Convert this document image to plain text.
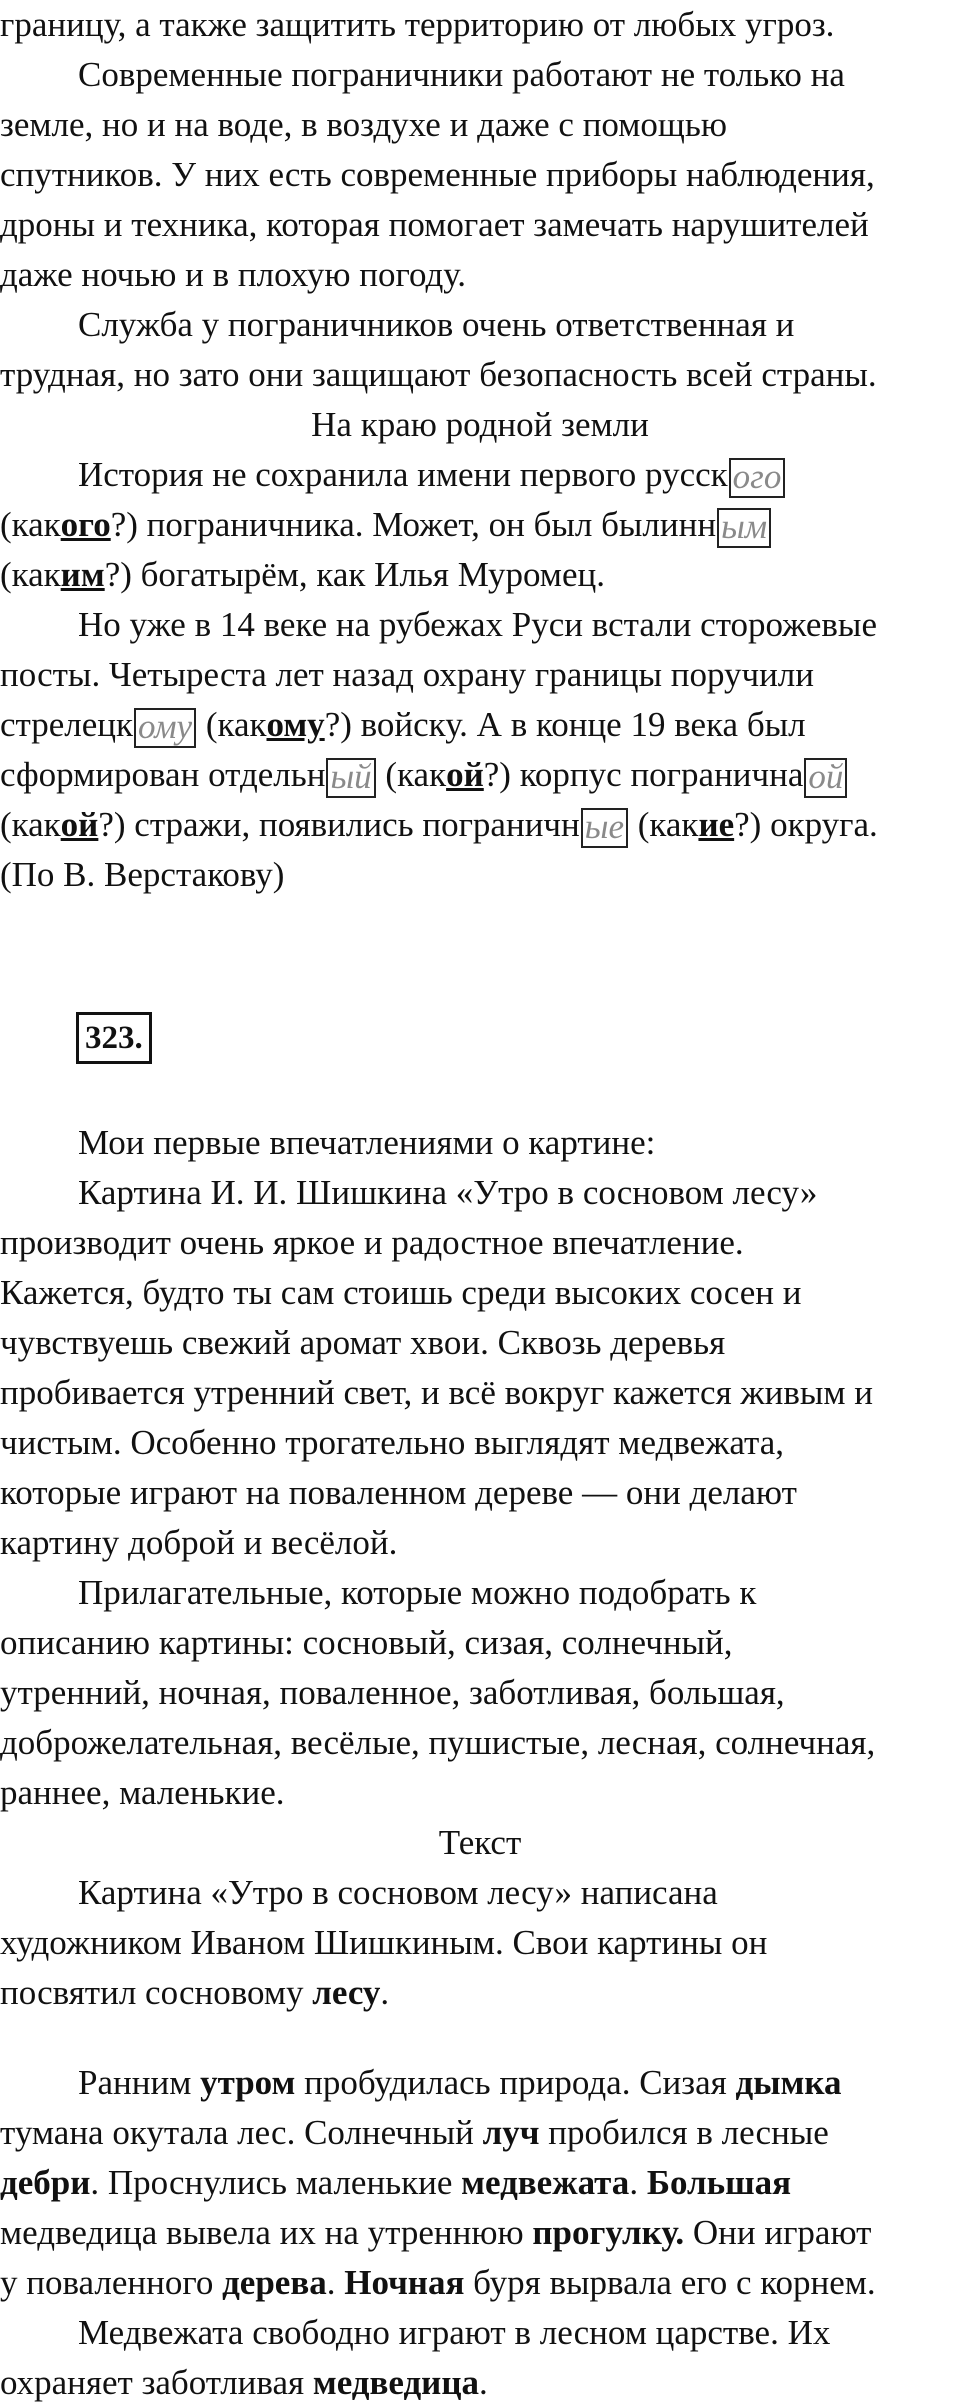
границу, а также защитить территорию от любых угроз.
Современные пограничники работают не только на
земле, но и на воде, в воздухе и даже с помощью
спутников. У них есть современные приборы наблюдения,
дроны и техника, которая помогает замечать нарушителей
даже ночью и в плохую погоду.
Служба у пограничников очень ответственная и
трудная, но зато они защищают безопасность всей страны.
На краю родной земли
История не сохранила имени первого русск ого
(какого?) пограничника. Может, он был былинн ым
(каким?) богатырём, как Илья Муромец.
Но уже в 14 веке на рубежах Руси встали сторожевые
посты. Четыреста лет назад охрану границы поручили
стрелецк ому (какому?) войску. А в конце 19 века был
сформирован отдельн ый (какой?) корпус погранична ой
(какой?) стражи, появились пограничн ые (какие?) округа.
(По В. Верстакову)
323.
Мои первые впечатлениями о картине:
Картина И. И. Шишкина «Утро в сосновом лесу»
производит очень яркое и радостное впечатление.
Кажется, будто ты сам стоишь среди высоких сосен и
чувствуешь свежий аромат хвои. Сквозь деревья
пробивается утренний свет, и всё вокруг кажется живым и
чистым. Особенно трогательно выглядят медвежата,
которые играют на поваленном дереве — они делают
картину доброй и весёлой.
Прилагательные, которые можно подобрать к
описанию картины: сосновый, сизая, солнечный,
утренний, ночная, поваленное, заботливая, большая,
доброжелательная, весёлые, пушистые, лесная, солнечная,
раннее, маленькие.
Текст
Картина «Утро в сосновом лесу» написана
художником Иваном Шишкиным. Свои картины он
посвятил сосновому лесу.
Ранним утром пробудилась природа. Сизая дымка
тумана окутала лес. Солнечный луч пробился в лесные
дебри. Проснулись маленькие медвежата. Большая
медведица вывела их на утреннюю прогулку. Они играют
у поваленного дерева. Ночная буря вырвала его с корнем.
Медвежата свободно играют в лесном царстве. Их
охраняет заботливая медведица.
